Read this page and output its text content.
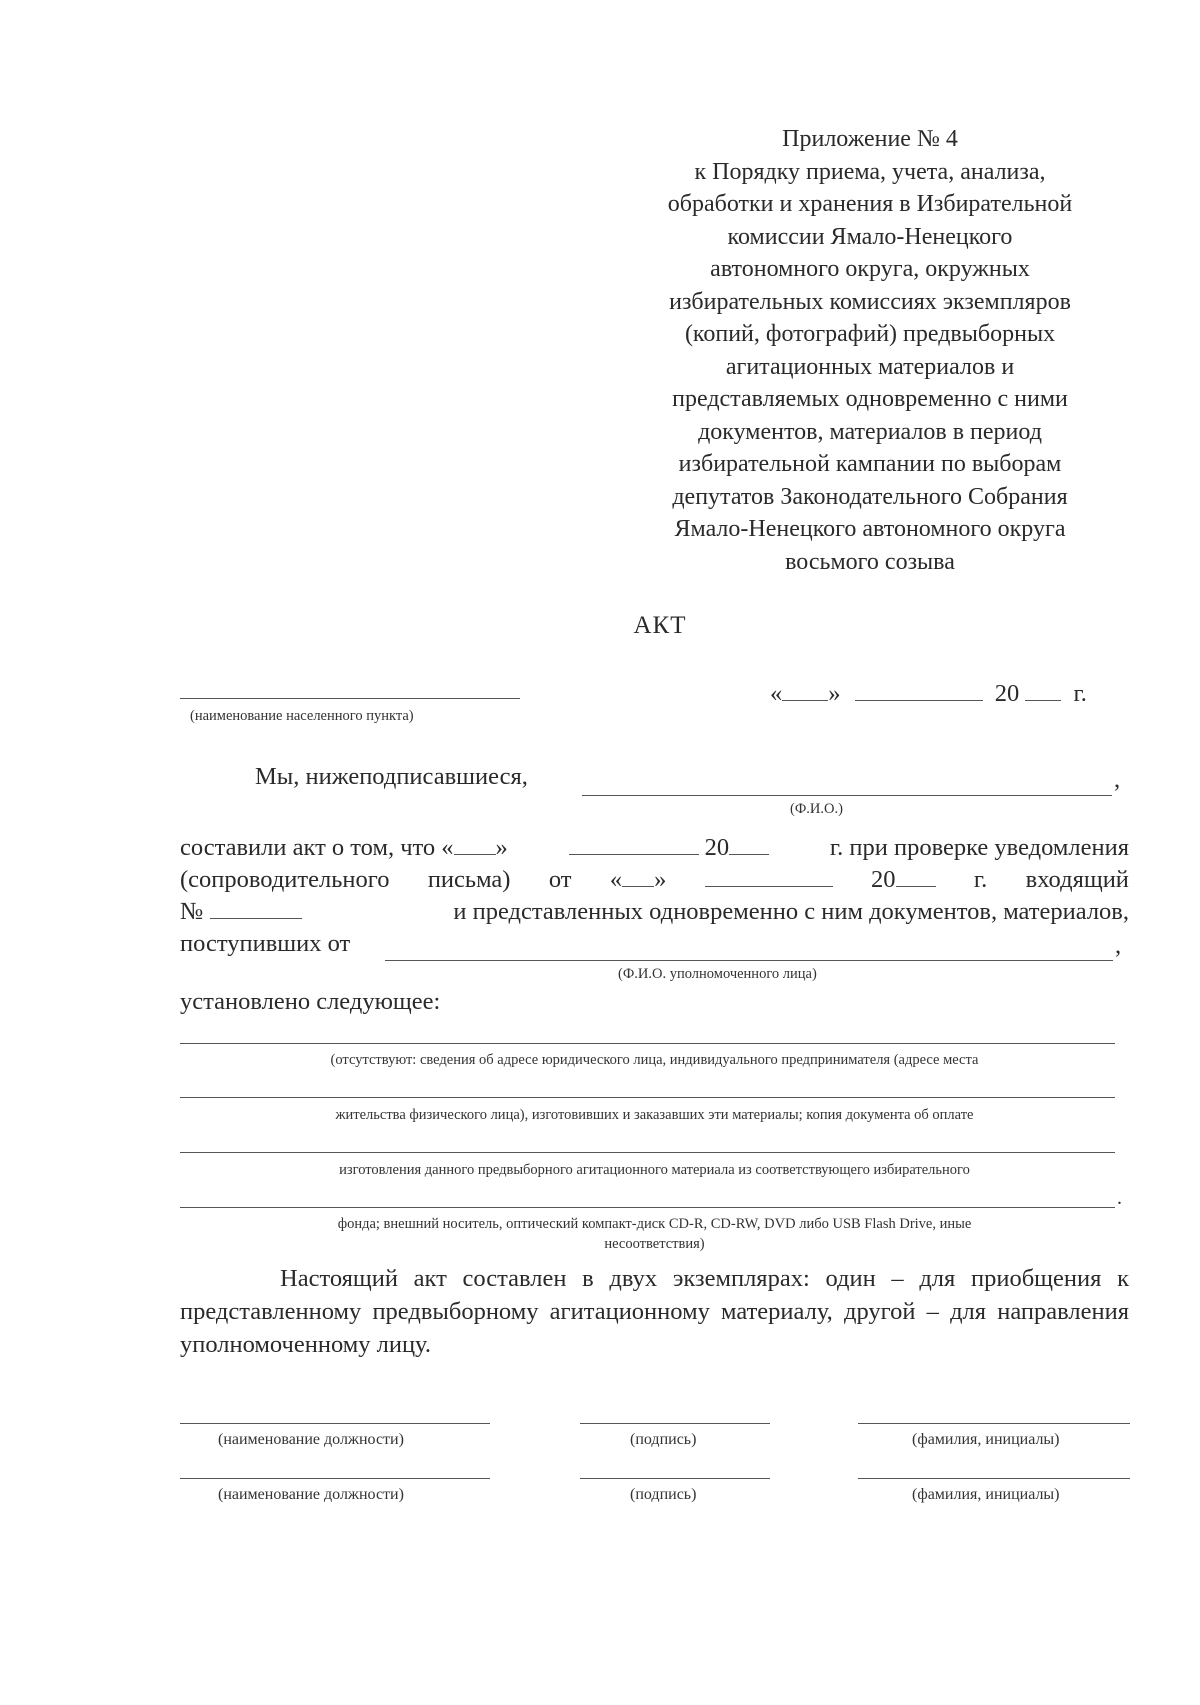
Приложение № 4
к Порядку приема, учета, анализа,
обработки и хранения в Избирательной
комиссии Ямало-Ненецкого
автономного округа, окружных
избирательных комиссиях экземпляров
(копий, фотографий) предвыборных
агитационных материалов и
представляемых одновременно с ними
документов, материалов в период
избирательной кампании по выборам
депутатов Законодательного Собрания
Ямало-Ненецкого автономного округа
восьмого созыва
АКТ
(наименование населенного пункта)
« »	20 г.
Мы, нижеподписавшиеся,	,
(Ф.И.О.)
составили акт о том, что « »	20	г. при проверке уведомления
(сопроводительного письма) от « »	20	г. входящий
№	и представленных одновременно с ним документов, материалов,
поступивших от	,
(Ф.И.О. уполномоченного лица)
установлено следующее:
(отсутствуют: сведения об адресе юридического лица, индивидуального предпринимателя (адресе места
жительства физического лица), изготовивших и заказавших эти материалы; копия документа об оплате
изготовления данного предвыборного агитационного материала из соответствующего избирательного
.
фонда; внешний носитель, оптический компакт-диск CD-R, CD-RW, DVD либо USB Flash Drive, иные
несоответствия)
Настоящий акт составлен в двух экземплярах: один – для приобщения к представленному предвыборному агитационному материалу, другой – для направления уполномоченному лицу.
(наименование должности)	(подпись)	(фамилия, инициалы)
(наименование должности)	(подпись)	(фамилия, инициалы)
